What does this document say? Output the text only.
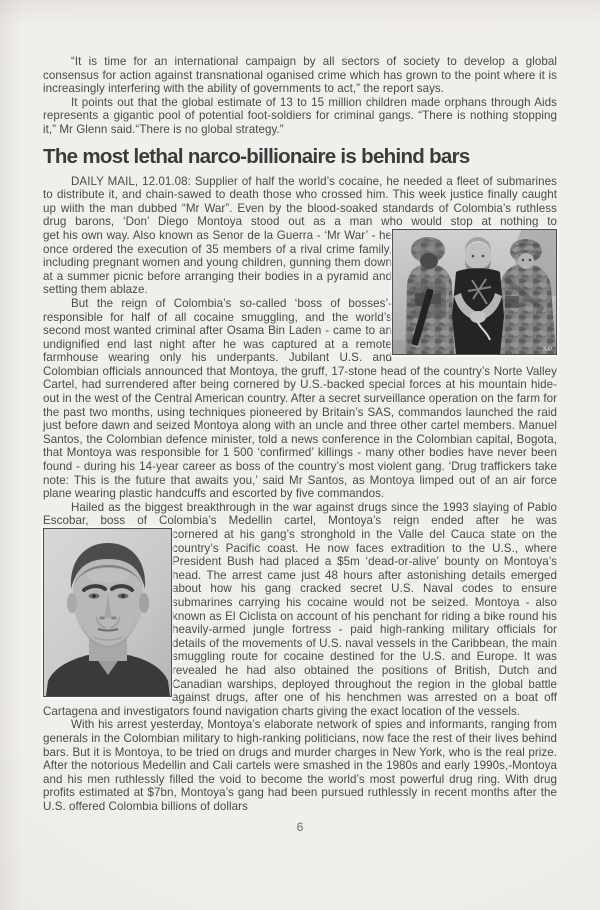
“It is time for an international campaign by all sectors of society to develop a global consensus for action against transnational oganised crime which has grown to the point where it is increasingly interfering with the ability of governments to act,” the report says.

It points out that the global estimate of 13 to 15 million children made orphans through Aids represents a gigantic pool of potential foot-soldiers for criminal gangs. “There is nothing stopping it,” Mr Glenn said.“There is no global strategy.”

The most lethal narco-billionaire is behind bars

DAILY MAIL, 12.01.08: Supplier of half the world’s cocaine, he needed a fleet of submarines to distribute it, and chain-sawed to death those who crossed him. This week justice finally caught up wiith the man dubbed “Mr War”. Even by the blood-soaked standards of Colombia’s ruthless drug barons, ‘Don’ Diego Montoya stood out as a man who would stop at nothing to

AP

get his own way. Also known as Senor de la Guerra - ‘Mr War’ - he once ordered the execution of 35 members of a rival crime family, including pregnant women and young children, gunning them down at a summer picnic before arranging their bodies in a pyramid and setting them ablaze.

But the reign of Colombia’s so-called ‘boss of bosses’- responsible for half of all cocaine smuggling, and the world’s second most wanted criminal after Osama Bin Laden - came to an undignified end last night after he was captured at a remote farmhouse wearing only his underpants. Jubilant U.S. and Colombian officials announced that Montoya, the gruff, 17-stone head of the country’s Norte Valley Cartel, had surrendered after being cornered by U.S.-backed special forces at his mountain hide-out in the west of the Central American country. After a secret surveillance operation on the farm for the past two months, using techniques pioneered by Britain’s SAS, commandos launched the raid just before dawn and seized Montoya along with an uncle and three other cartel members. Manuel Santos, the Colombian defence minister, told a news conference in the Colombian capital, Bogota, that Montoya was responsible for 1 500 ‘confirmed’ killings - many other bodies have never been found - during his 14-year career as boss of the country’s most violent gang. ‘Drug traffickers take note: This is the future that awaits you,’ said Mr Santos, as Montoya limped out of an air force plane wearing plastic handcuffs and escorted by five commandos.

Hailed as the biggest breakthrough in the war against drugs since the 1993 slaying of Pablo Escobar, boss of Colombia’s Medellin cartel, Montoya’s reign ended after he was

cornered at his gang’s stronghold in the Valle del Cauca state on the country’s Pacific coast. He now faces extradition to the U.S., where President Bush had placed a $5m ‘dead-or-alive’ bounty on Montoya’s head. The arrest came just 48 hours after astonishing details emerged about how his gang cracked secret U.S. Naval codes to ensure submarines carrying his cocaine would not be seized. Montoya - also known as El Ciclista on account of his penchant for riding a bike round his heavily-armed jungle fortress - paid high-ranking military officials for details of the movements of U.S. naval vessels in the Caribbean, the main smuggling route for cocaine destined for the U.S. and Europe. It was revealed he had also obtained the positions of British, Dutch and Canadian warships, deployed throughout the region in the global battle against drugs, after one of his henchmen was arrested on a boat off Cartagena and investigators found navigation charts giving the exact location of the vessels.

With his arrest yesterday, Montoya’s elaborate network of spies and informants, ranging from generals in the Colombian military to high-ranking politicians, now face the rest of their lives behind bars. But it is Montoya, to be tried on drugs and murder charges in New York, who is the real prize. After the notorious Medellin and Cali cartels were smashed in the 1980s and early 1990s,-Montoya and his men ruthlessly filled the void to become the world’s most powerful drug ring. With drug profits estimated at $7bn, Montoya’s gang had been pursued ruthlessly in recent months after the U.S. offered Colombia billions of dollars

6
